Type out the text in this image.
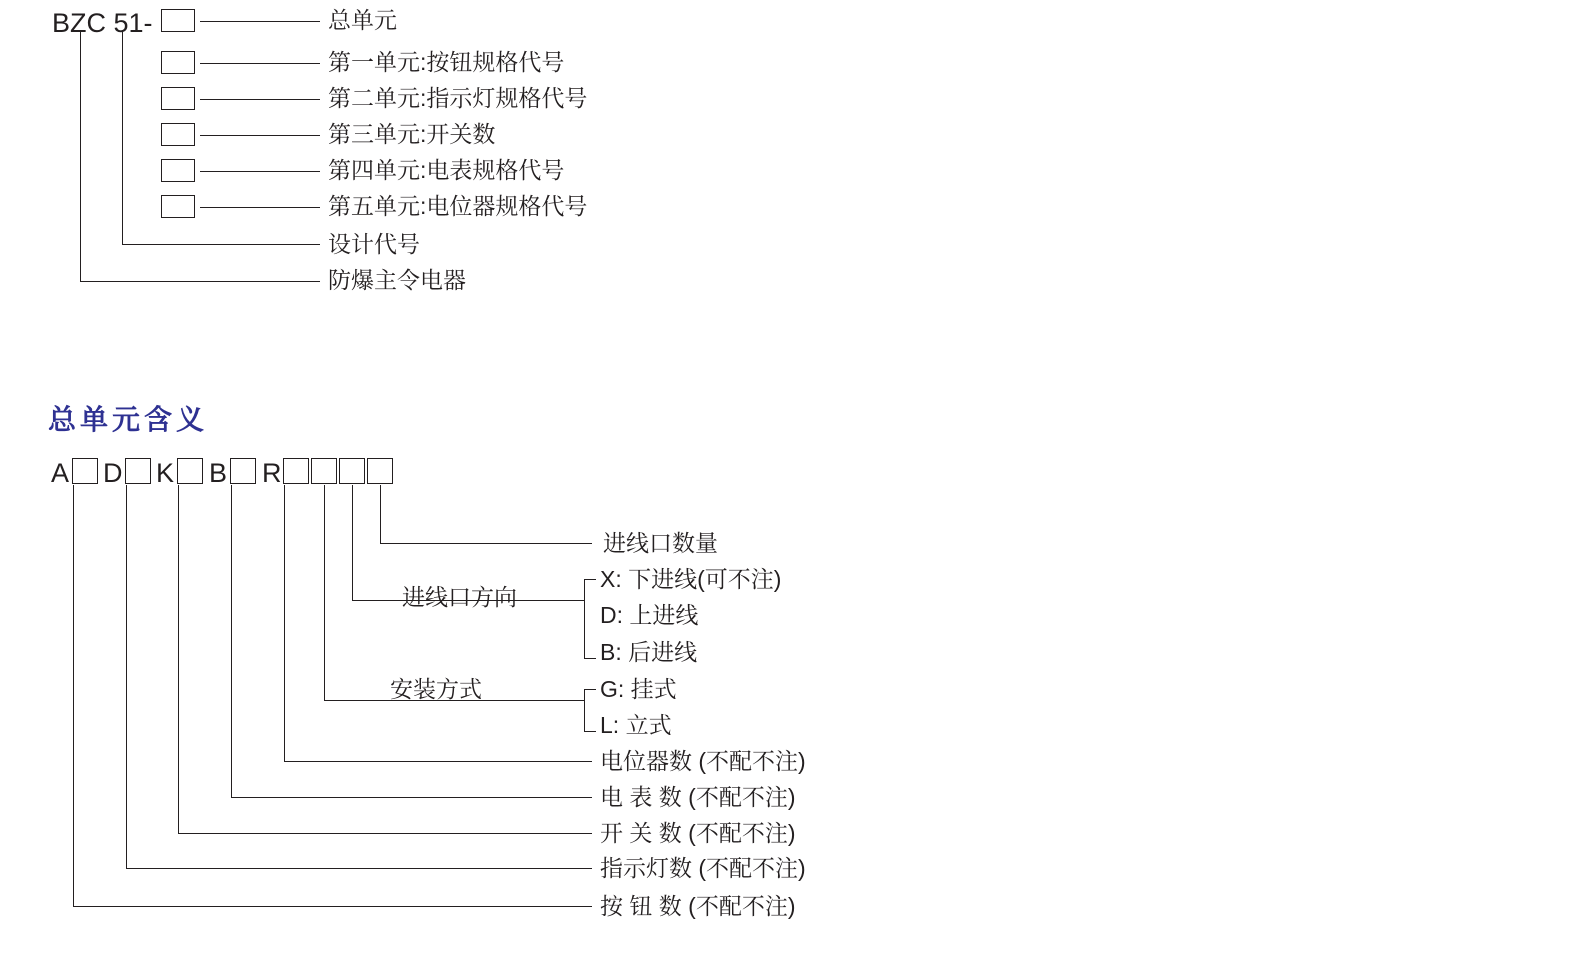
BZC 51-	总单元
第一单元:按钮规格代号
第二单元:指示灯规格代号
第三单元:开关数
第四单元:电表规格代号
第五单元:电位器规格代号
设计代号
防爆主令电器
总单元含义
A D K B R
进线口数量
进线口方向
X: 下进线(可不注)
D: 上进线
B: 后进线
安装方式	G: 挂式
L: 立式
电位器数 (不配不注)
电 表 数 (不配不注)
开 关 数 (不配不注)
指示灯数 (不配不注)
按 钮 数 (不配不注)
